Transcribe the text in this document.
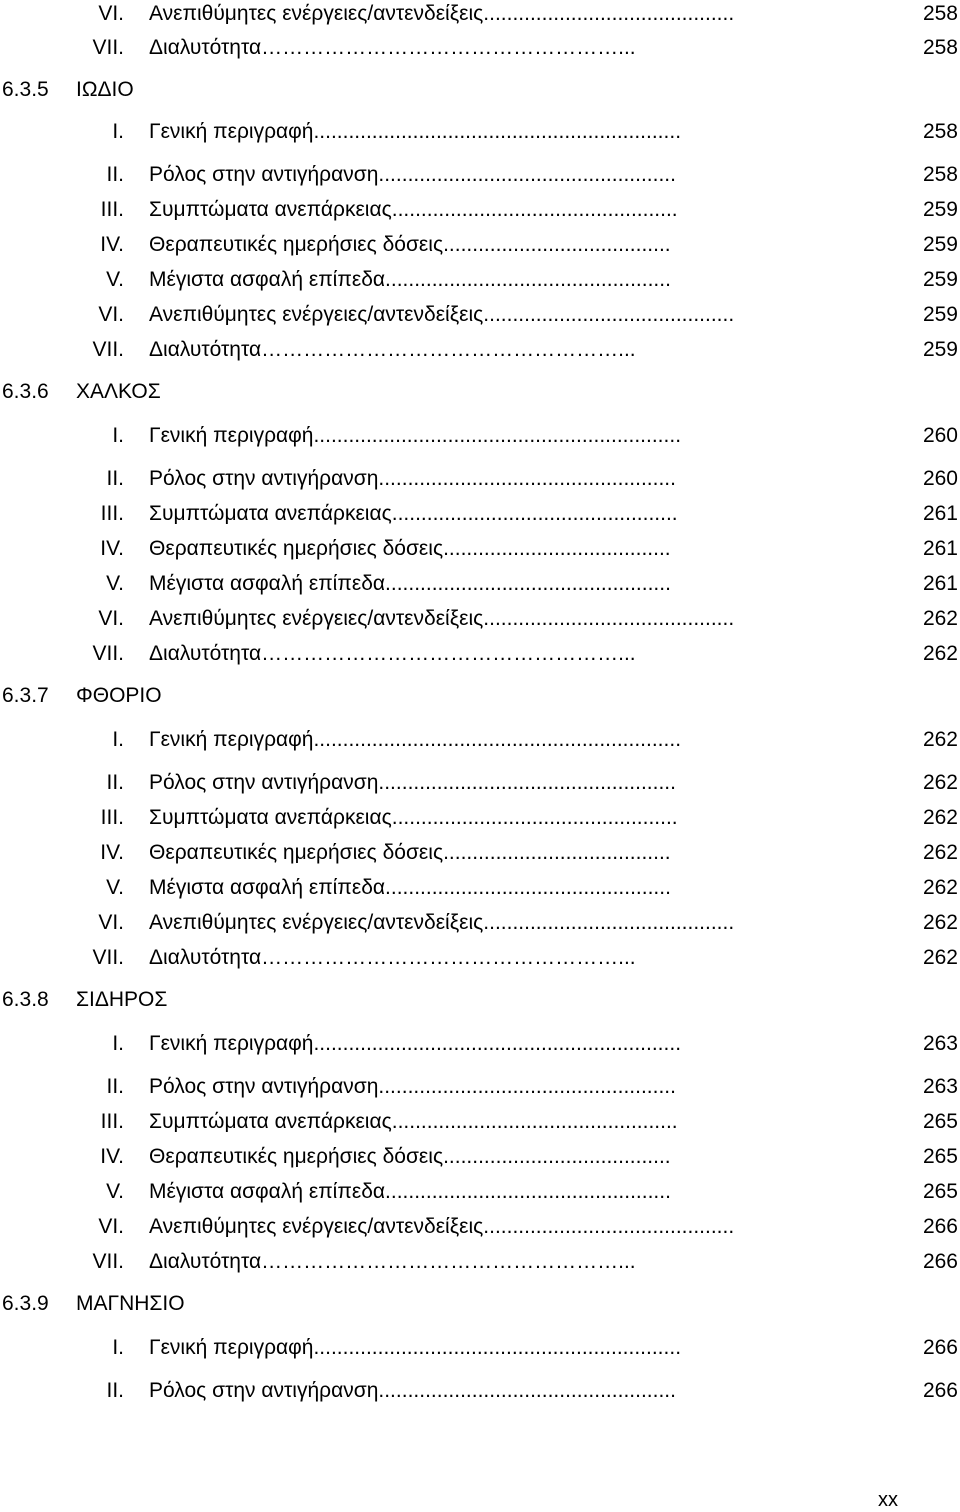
VI. Ανεπιθύμητες ενέργειες/αντενδείξεις ...........................................	258
VII. Διαλυτότητα ……………………………………………...	258
6.3.5 ΙΩΔΙΟ
I. Γενική περιγραφή ...............................................................	258
II. Ρόλος στην αντιγήρανση ...................................................	258
III. Συμπτώματα ανεπάρκειας .................................................	259
IV. Θεραπευτικές ημερήσιες δόσεις .......................................	259
V. Μέγιστα ασφαλή επίπεδα .................................................	259
VI. Ανεπιθύμητες ενέργειες/αντενδείξεις ...........................................	259
VII. Διαλυτότητα ……………………………………………...	259
6.3.6 ΧΑΛΚΟΣ
I. Γενική περιγραφή ...............................................................	260
II. Ρόλος στην αντιγήρανση ...................................................	260
III. Συμπτώματα ανεπάρκειας .................................................	261
IV. Θεραπευτικές ημερήσιες δόσεις .......................................	261
V. Μέγιστα ασφαλή επίπεδα .................................................	261
VI. Ανεπιθύμητες ενέργειες/αντενδείξεις ...........................................	262
VII. Διαλυτότητα ……………………………………………...	262
6.3.7 ΦΘΟΡΙΟ
I. Γενική περιγραφή ...............................................................	262
II. Ρόλος στην αντιγήρανση ...................................................	262
III. Συμπτώματα ανεπάρκειας .................................................	262
IV. Θεραπευτικές ημερήσιες δόσεις .......................................	262
V. Μέγιστα ασφαλή επίπεδα .................................................	262
VI. Ανεπιθύμητες ενέργειες/αντενδείξεις ...........................................	262
VII. Διαλυτότητα ……………………………………………...	262
6.3.8 ΣΙΔΗΡΟΣ
I. Γενική περιγραφή ...............................................................	263
II. Ρόλος στην αντιγήρανση ...................................................	263
III. Συμπτώματα ανεπάρκειας .................................................	265
IV. Θεραπευτικές ημερήσιες δόσεις .......................................	265
V. Μέγιστα ασφαλή επίπεδα .................................................	265
VI. Ανεπιθύμητες ενέργειες/αντενδείξεις ...........................................	266
VII. Διαλυτότητα ……………………………………………...	266
6.3.9 ΜΑΓΝΗΣΙΟ
I. Γενική περιγραφή ...............................................................	266
II. Ρόλος στην αντιγήρανση ...................................................	266
xx
